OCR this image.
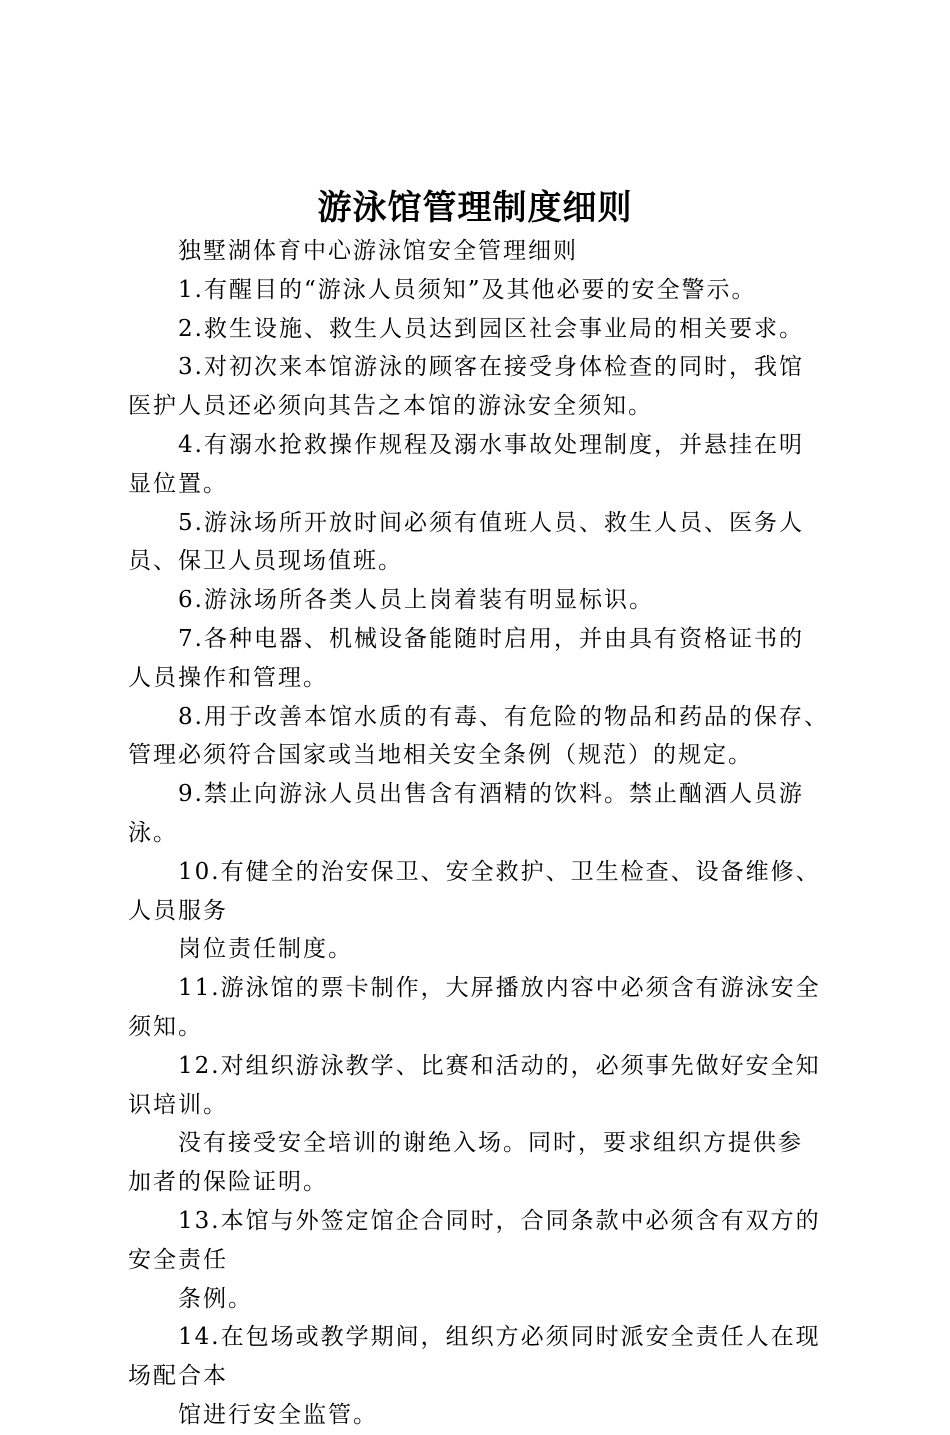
游泳馆管理制度细则
独墅湖体育中心游泳馆安全管理细则
1.有醒目的“游泳人员须知”及其他必要的安全警示。
2.救生设施、救生人员达到园区社会事业局的相关要求。
3.对初次来本馆游泳的顾客在接受身体检查的同时，我馆
医护人员还必须向其告之本馆的游泳安全须知。
4.有溺水抢救操作规程及溺水事故处理制度，并悬挂在明
显位置。
5.游泳场所开放时间必须有值班人员、救生人员、医务人
员、保卫人员现场值班。
6.游泳场所各类人员上岗着装有明显标识。
7.各种电器、机械设备能随时启用，并由具有资格证书的
人员操作和管理。
8.用于改善本馆水质的有毒、有危险的物品和药品的保存、
管理必须符合国家或当地相关安全条例（规范）的规定。
9.禁止向游泳人员出售含有酒精的饮料。禁止酗酒人员游
泳。
10.有健全的治安保卫、安全救护、卫生检查、设备维修、
人员服务
岗位责任制度。
11.游泳馆的票卡制作，大屏播放内容中必须含有游泳安全
须知。
12.对组织游泳教学、比赛和活动的，必须事先做好安全知
识培训。
没有接受安全培训的谢绝入场。同时，要求组织方提供参
加者的保险证明。
13.本馆与外签定馆企合同时，合同条款中必须含有双方的
安全责任
条例。
14.在包场或教学期间，组织方必须同时派安全责任人在现
场配合本
馆进行安全监管。
